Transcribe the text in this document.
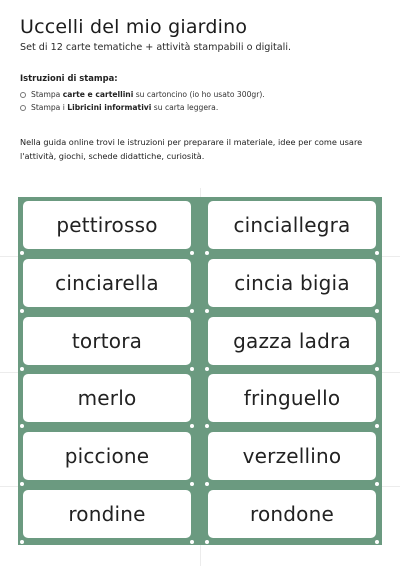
Uccelli del mio giardino
Set di 12 carte tematiche + attività stampabili o digitali.
Istruzioni di stampa:
Stampa carte e cartellini su cartoncino (io ho usato 300gr).
Stampa i Libricini informativi su carta leggera.
Nella guida online trovi le istruzioni per preparare il materiale, idee per come usare l'attività, giochi, schede didattiche, curiosità.
pettirosso	cinciallegra
cinciarella	cincia bigia
tortora	gazza ladra
merlo	fringuello
piccione	verzellino
rondine	rondone
